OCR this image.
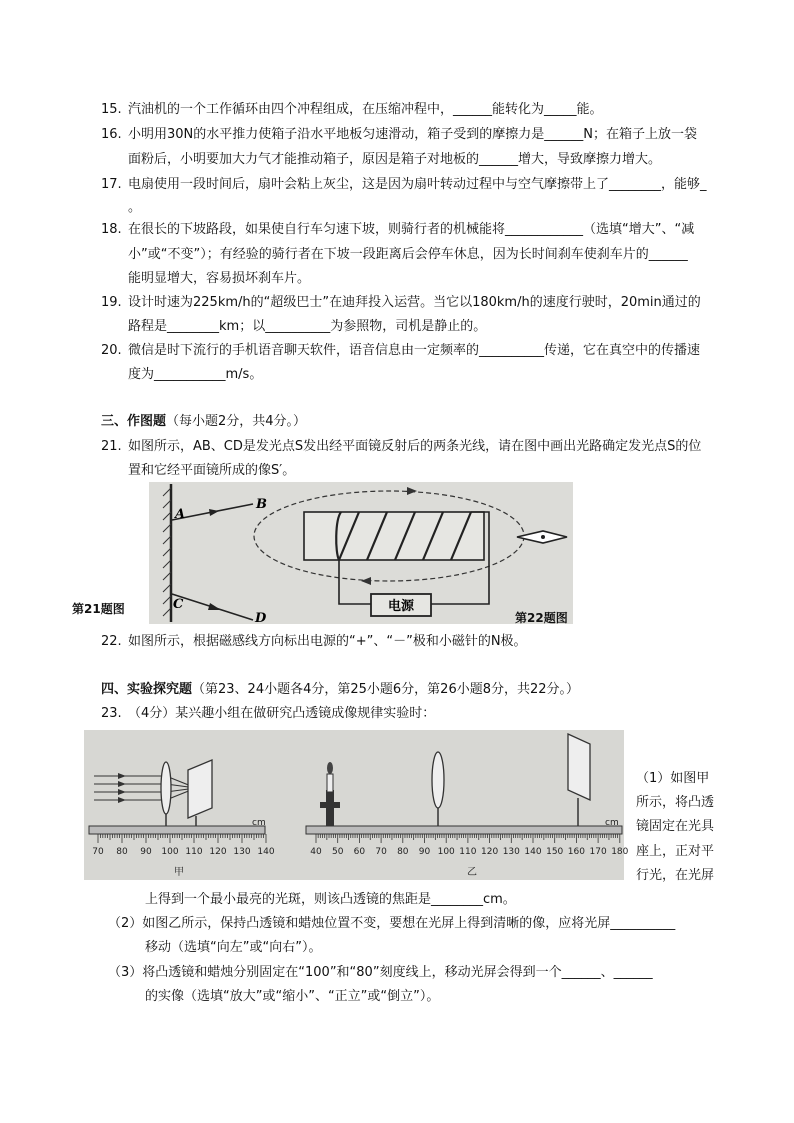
15. 汽油机的一个工作循环由四个冲程组成，在压缩冲程中，______能转化为_____能。
16. 小明用30N的水平推力使箱子沿水平地板匀速滑动，箱子受到的摩擦力是______N；在箱子上放一袋
面粉后，小明要加大力气才能推动箱子，原因是箱子对地板的______增大，导致摩擦力增大。
17. 电扇使用一段时间后，扇叶会粘上灰尘，这是因为扇叶转动过程中与空气摩擦带上了________，能够_
。
18. 在很长的下坡路段，如果使自行车匀速下坡，则骑行者的机械能将____________（选填“增大”、“减
小”或“不变”）；有经验的骑行者在下坡一段距离后会停车休息，因为长时间刹车使刹车片的______
能明显增大，容易损坏刹车片。
19. 设计时速为225km/h的“超级巴士”在迪拜投入运营。当它以180km/h的速度行驶时，20min通过的
路程是________km；以__________为参照物，司机是静止的。
20. 微信是时下流行的手机语音聊天软件，语音信息由一定频率的__________传递，它在真空中的传播速
度为___________m/s。
三、作图题（每小题2分，共4分。）
21. 如图所示，AB、CD是发光点S发出经平面镜反射后的两条光线，请在图中画出光路确定发光点S的位
置和它经平面镜所成的像S′。
A
B
C
D
电源
第21题图
第22题图
22. 如图所示，根据磁感线方向标出电源的“+”、“－”极和小磁针的N极。
四、实验探究题（第23、24小题各4分，第25小题6分，第26小题8分，共22分。）
23. （4分）某兴趣小组在做研究凸透镜成像规律实验时：
70 80 90 100 110 120 130 140
cm
甲
40 50 60 70 80 90 100 110 120 130 140 150 160 170 180
cm
乙
（1）如图甲
所示，将凸透
镜固定在光具
座上，正对平
行光，在光屏
上得到一个最小最亮的光斑，则该凸透镜的焦距是________cm。
（2）如图乙所示，保持凸透镜和蜡烛位置不变，要想在光屏上得到清晰的像，应将光屏__________
移动（选填“向左”或“向右”）。
（3）将凸透镜和蜡烛分别固定在“100”和“80”刻度线上，移动光屏会得到一个______、______
的实像（选填“放大”或“缩小”、“正立”或“倒立”）。
